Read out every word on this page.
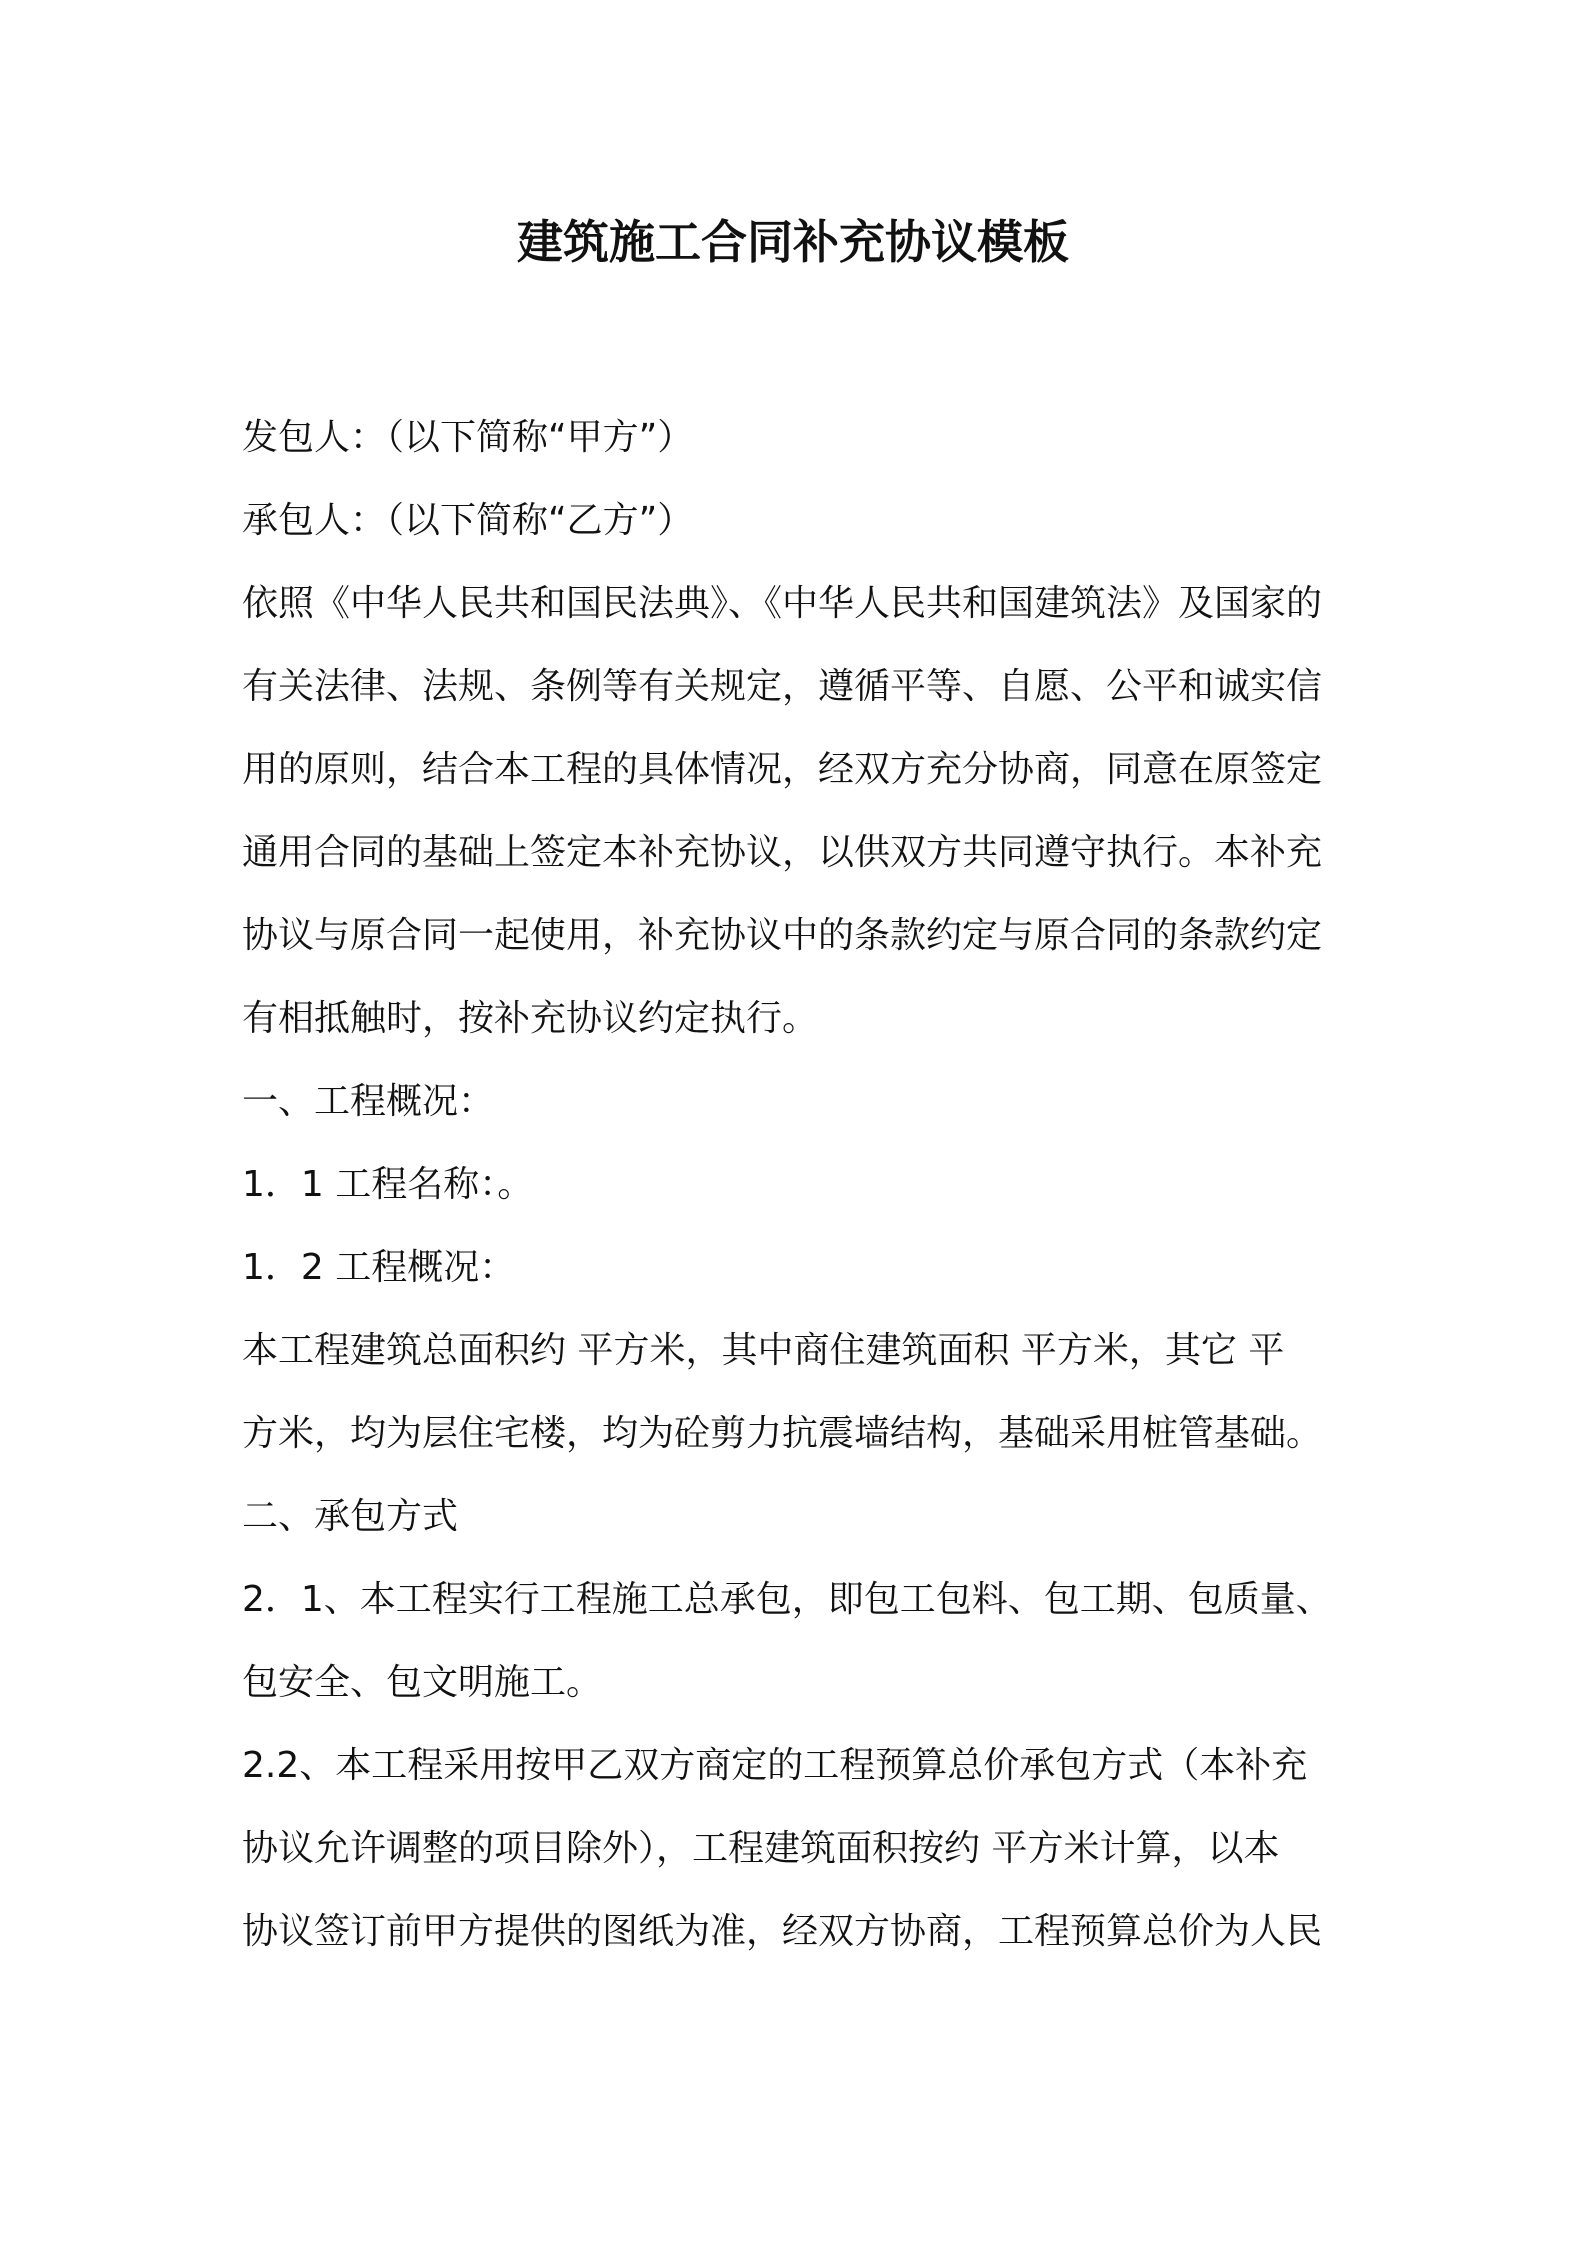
建筑施工合同补充协议模板
发包人：（以下简称“甲方”）
承包人：（以下简称“乙方”）
依照《中华人民共和国民法典》、《中华人民共和国建筑法》及国家的
有关法律、法规、条例等有关规定，遵循平等、自愿、公平和诚实信
用的原则，结合本工程的具体情况，经双方充分协商，同意在原签定
通用合同的基础上签定本补充协议，以供双方共同遵守执行。本补充
协议与原合同一起使用，补充协议中的条款约定与原合同的条款约定
有相抵触时，按补充协议约定执行。
一、工程概况：
1．1 工程名称：。
1．2 工程概况：
本工程建筑总面积约 平方米，其中商住建筑面积 平方米，其它 平
方米，均为层住宅楼，均为砼剪力抗震墙结构，基础采用桩管基础。
二、承包方式
2．1、本工程实行工程施工总承包，即包工包料、包工期、包质量、
包安全、包文明施工。
2.2、本工程采用按甲乙双方商定的工程预算总价承包方式（本补充
协议允许调整的项目除外），工程建筑面积按约 平方米计算，以本
协议签订前甲方提供的图纸为准，经双方协商，工程预算总价为人民
